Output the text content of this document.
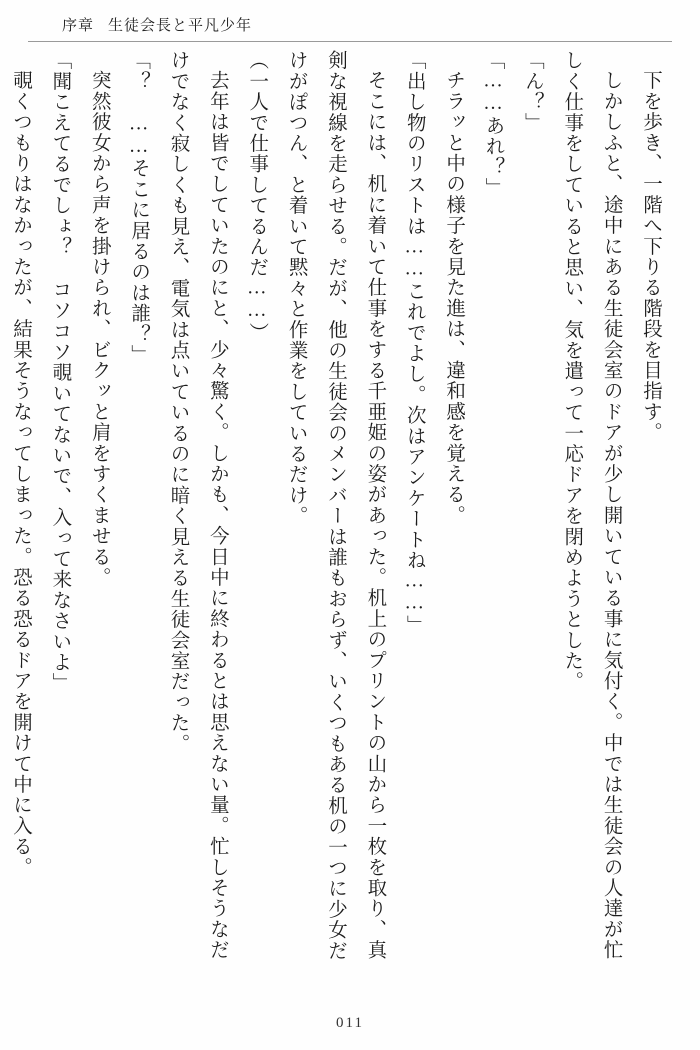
序章 生徒会長と平凡少年

下を歩き、一階へ下りる階段を目指す。

しかしふと、途中にある生徒会室のドアが少し開いている事に気付く。中では生徒会の人達が忙しく仕事をしていると思い、気を遣って一応ドアを閉めようとした。

「ん？」

「……あれ？」

チラッと中の様子を見た進は、違和感を覚える。

「出し物のリストは……これでよし。次はアンケートね……」

そこには、机に着いて仕事をする千亜姫の姿があった。机上のプリントの山から一枚を取り、真剣な視線を走らせる。だが、他の生徒会のメンバーは誰もおらず、いくつもある机の一つに少女だけがぽつん、と着いて黙々と作業をしているだけ。

（一人で仕事してるんだ……）

去年は皆でしていたのにと、少々驚く。しかも、今日中に終わるとは思えない量。忙しそうなだけでなく寂しくも見え、電気は点いているのに暗く見える生徒会室だった。

「？ ……そこに居るのは誰？」

突然彼女から声を掛けられ、ビクッと肩をすくませる。

「聞こえてるでしょ？ コソコソ覗いてないで、入って来なさいよ」

覗くつもりはなかったが、結果そうなってしまった。恐る恐るドアを開けて中に入る。

011
